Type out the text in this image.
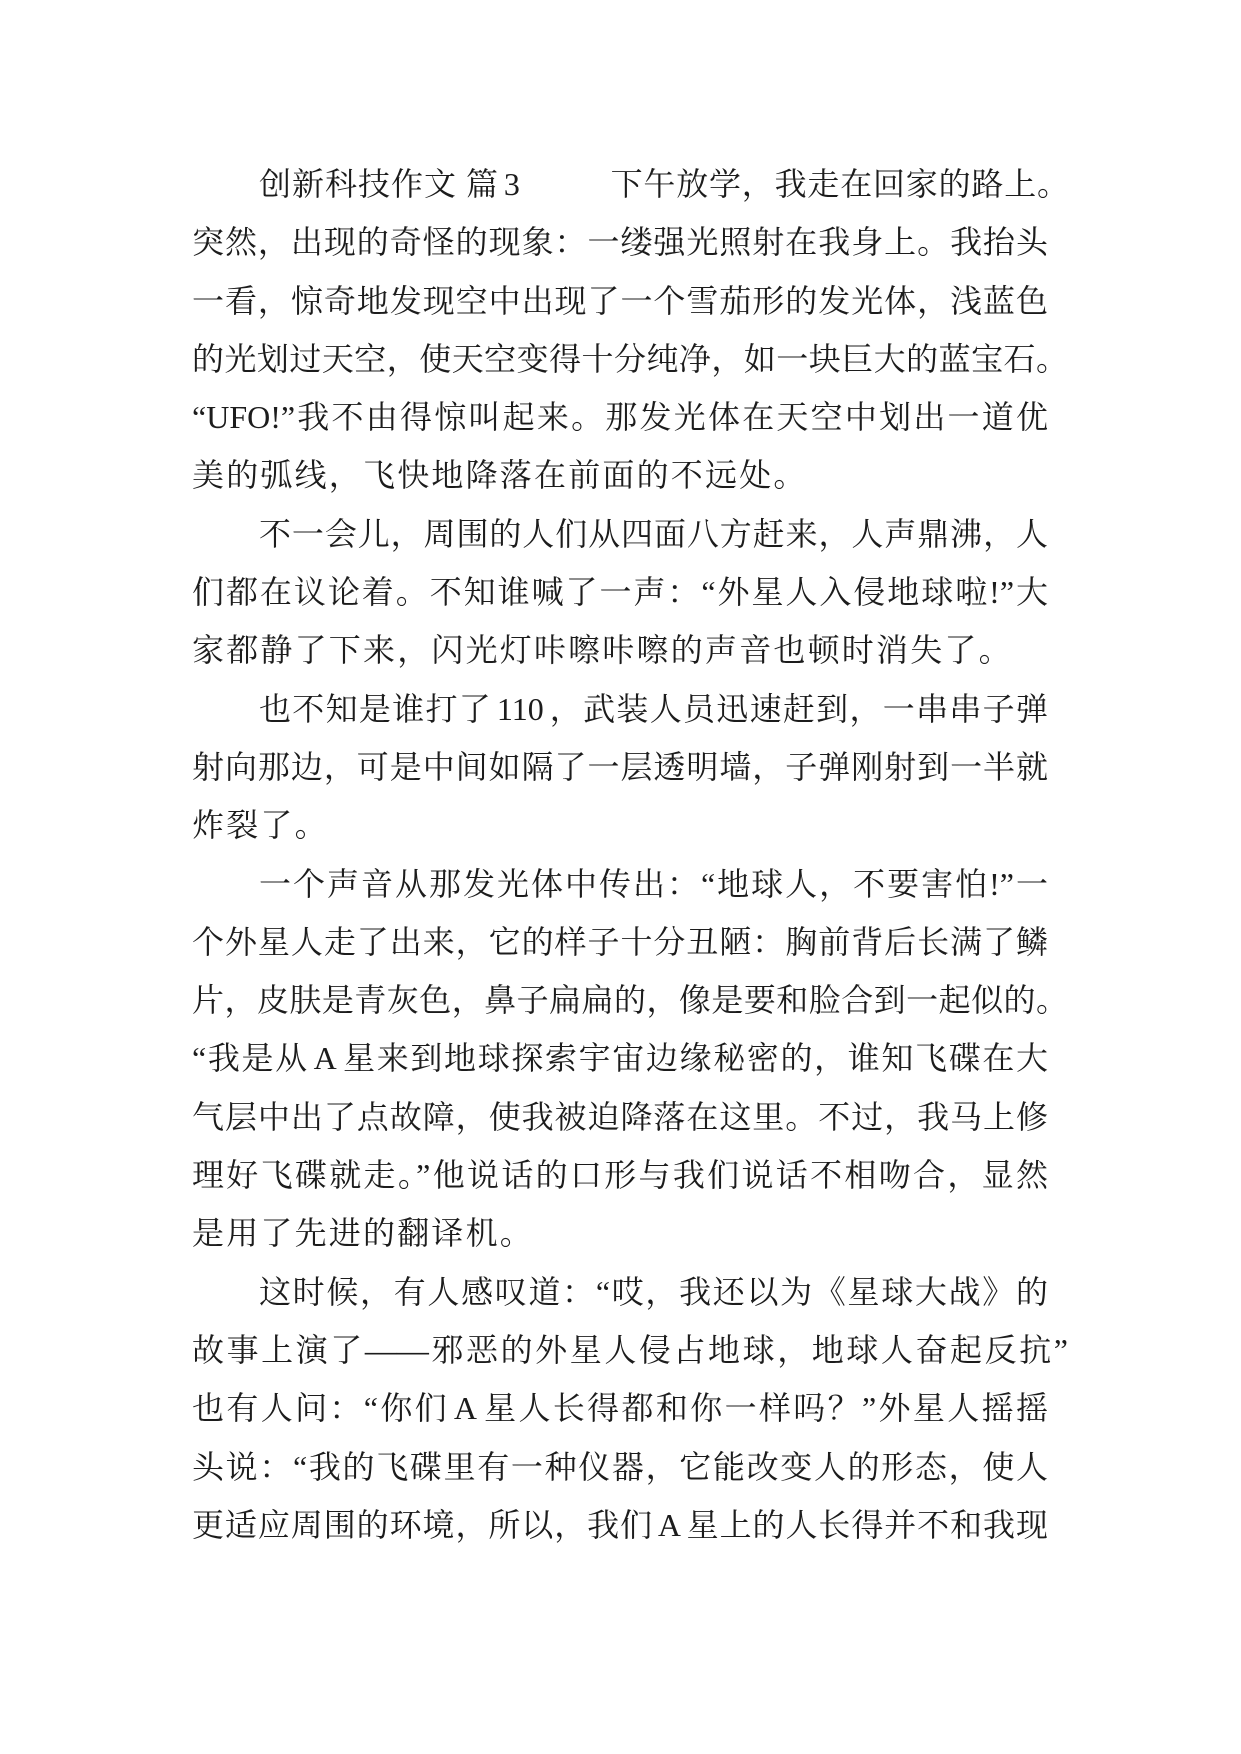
创新科技作文 篇 3	下午放学，我走在回家的路上。
突然，出现的奇怪的现象：一缕强光照射在我身上。我抬头
一看，惊奇地发现空中出现了一个雪茄形的发光体，浅蓝色
的光划过天空，使天空变得十分纯净，如一块巨大的蓝宝石。
“UFO!”我不由得惊叫起来。那发光体在天空中划出一道优
美的弧线，飞快地降落在前面的不远处。
不一会儿，周围的人们从四面八方赶来，人声鼎沸，人
们都在议论着。不知谁喊了一声：“外星人入侵地球啦!”大
家都静了下来，闪光灯咔嚓咔嚓的声音也顿时消失了。
也不知是谁打了 110 ，武装人员迅速赶到，一串串子弹
射向那边，可是中间如隔了一层透明墙，子弹刚射到一半就
炸裂了。
一个声音从那发光体中传出：“地球人，不要害怕!”一
个外星人走了出来，它的样子十分丑陋：胸前背后长满了鳞
片，皮肤是青灰色，鼻子扁扁的，像是要和脸合到一起似的。
“我是从 A 星来到地球探索宇宙边缘秘密的，谁知飞碟在大
气层中出了点故障，使我被迫降落在这里。不过，我马上修
理好飞碟就走。”他说话的口形与我们说话不相吻合，显然
是用了先进的翻译机。
这时候，有人感叹道：“哎，我还以为《星球大战》的
故事上演了——邪恶的外星人侵占地球，地球人奋起反抗”
也有人问：“你们 A 星人长得都和你一样吗？”外星人摇摇
头说：“我的飞碟里有一种仪器，它能改变人的形态，使人
更适应周围的环境，所以，我们 A 星上的人长得并不和我现
